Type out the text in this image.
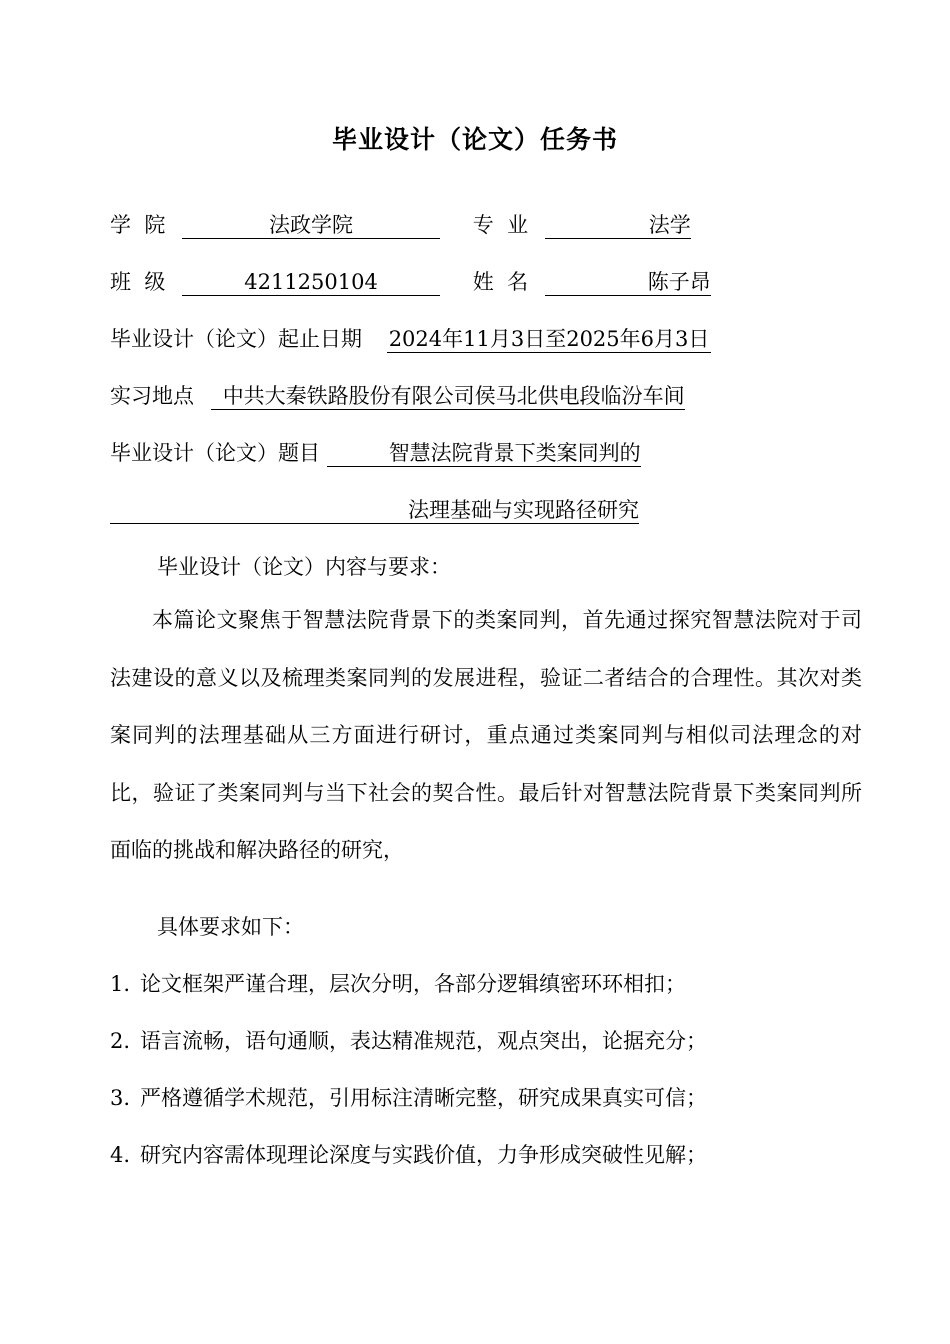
毕业设计（论文）任务书
学  院	法政学院	专  业	法学
班  级	4211250104	姓  名	陈子昂
毕业设计（论文）起止日期 2024年11月3日至2025年6月3日
实习地点 中共大秦铁路股份有限公司侯马北供电段临汾车间
毕业设计（论文）题目	智慧法院背景下类案同判的
法理基础与实现路径研究
毕业设计（论文）内容与要求：
本篇论文聚焦于智慧法院背景下的类案同判，首先通过探究智慧法院对于司法建设的意义以及梳理类案同判的发展进程，验证二者结合的合理性。其次对类案同判的法理基础从三方面进行研讨，重点通过类案同判与相似司法理念的对比，验证了类案同判与当下社会的契合性。最后针对智慧法院背景下类案同判所面临的挑战和解决路径的研究，
具体要求如下：
1. 论文框架严谨合理，层次分明，各部分逻辑缜密环环相扣；
2. 语言流畅，语句通顺，表达精准规范，观点突出，论据充分；
3. 严格遵循学术规范，引用标注清晰完整，研究成果真实可信；
4. 研究内容需体现理论深度与实践价值，力争形成突破性见解；
